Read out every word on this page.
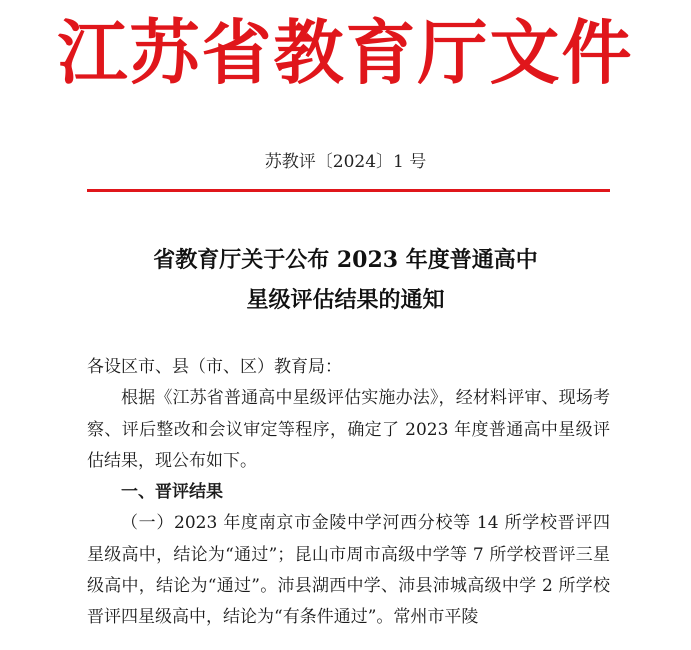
江苏省教育厅文件
苏教评〔2024〕1 号
省教育厅关于公布 2023 年度普通高中
星级评估结果的通知

各设区市、县（市、区）教育局：

根据《江苏省普通高中星级评估实施办法》，经材料评审、现场考察、评后整改和会议审定等程序，确定了 2023 年度普通高中星级评估结果，现公布如下。

一、晋评结果

（一）2023 年度南京市金陵中学河西分校等 14 所学校晋评四星级高中，结论为“通过”；昆山市周市高级中学等 7 所学校晋评三星级高中，结论为“通过”。沛县湖西中学、沛县沛城高级中学 2 所学校晋评四星级高中，结论为“有条件通过”。常州市平陵
